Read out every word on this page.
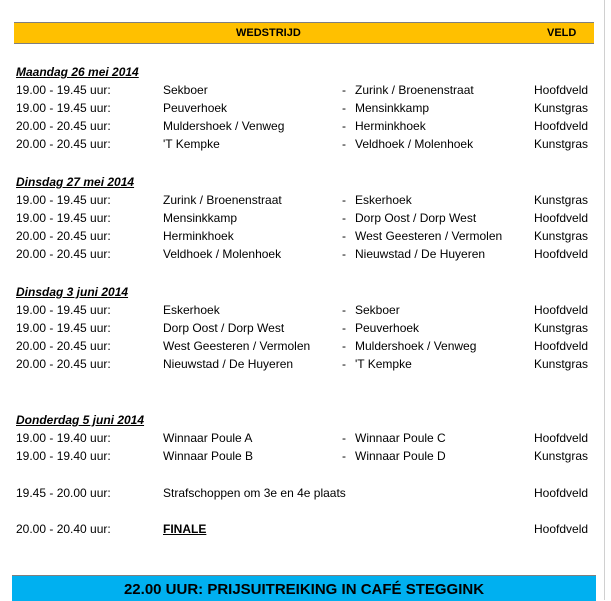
WEDSTRIJD	VELD
Maandag 26 mei 2014
19.00 - 19.45 uur:	Sekboer	- Zurink / Broenenstraat	Hoofdveld
19.00 - 19.45 uur:	Peuverhoek	- Mensinkkamp	Kunstgras
20.00 - 20.45 uur:	Muldershoek / Venweg	- Herminkhoek	Hoofdveld
20.00 - 20.45 uur:	'T Kempke	- Veldhoek / Molenhoek	Kunstgras
Dinsdag 27 mei 2014
19.00 - 19.45 uur:	Zurink / Broenenstraat	- Eskerhoek	Kunstgras
19.00 - 19.45 uur:	Mensinkkamp	- Dorp Oost / Dorp West	Hoofdveld
20.00 - 20.45 uur:	Herminkhoek	- West Geesteren / Vermolen	Kunstgras
20.00 - 20.45 uur:	Veldhoek / Molenhoek	- Nieuwstad / De Huyeren	Hoofdveld
Dinsdag 3 juni 2014
19.00 - 19.45 uur:	Eskerhoek	- Sekboer	Hoofdveld
19.00 - 19.45 uur:	Dorp Oost / Dorp West	- Peuverhoek	Kunstgras
20.00 - 20.45 uur:	West Geesteren / Vermolen	- Muldershoek / Venweg	Hoofdveld
20.00 - 20.45 uur:	Nieuwstad / De Huyeren	- 'T Kempke	Kunstgras
Donderdag 5 juni 2014
19.00 - 19.40 uur:	Winnaar Poule A	- Winnaar Poule C	Hoofdveld
19.00 - 19.40 uur:	Winnaar Poule B	- Winnaar Poule D	Kunstgras
19.45 - 20.00 uur:	Strafschoppen om 3e en 4e plaats	Hoofdveld
20.00 - 20.40 uur:	FINALE	Hoofdveld
22.00 UUR: PRIJSUITREIKING IN CAFÉ STEGGINK
